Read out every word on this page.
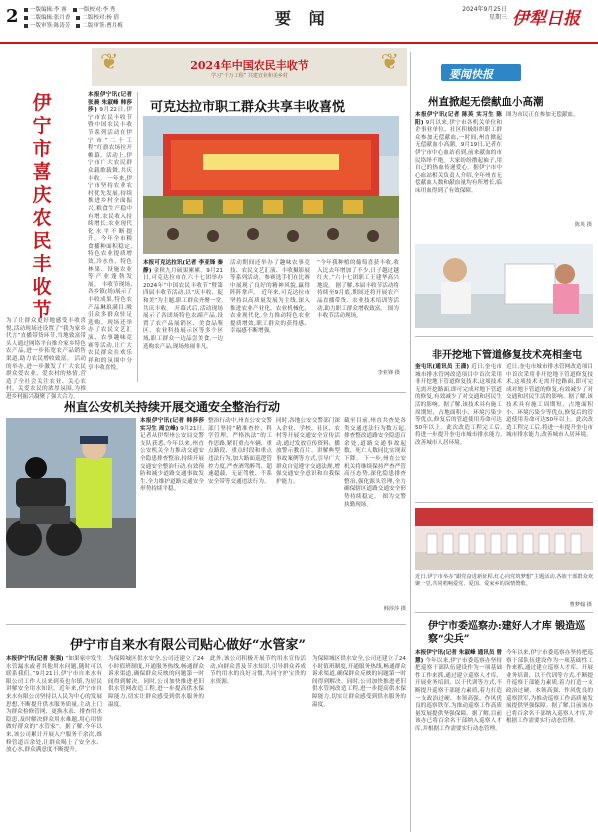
2	一版编辑:李 睿	一版校对:李 秀
二版编辑:张月香	二版校对:杨 倩
一版审签:陈涛芳	二版审签:曹月梅	要 闻	2024年9月25日
星期三 伊犁日报
伊宁市喜庆农民丰收节
本报伊宁讯(记者 张晨 朱淑峰 韩莎莎) 9月22日,伊宁市农民丰收节暨中国农民丰收节系列活动在伊宁市“二十工程”红旗农场拉开帷幕。活动上,伊宁市广大农民群众载歌载舞,共庆丰收。 一年来,伊宁市坚持农业农村优先发展,持续推进乡村全面振兴,粮食生产稳中有增,农民收入持续增长,农业现代化水平不断提升。今年全市粮食播种面积稳定,特色农业提质增效,冷水鱼、特色林果、设施农业等产业蓬勃发展。 丰收节现场,各乡镇(场)展示了丰收成果,特色农产品琳琅满目,吸引众多群众驻足选购。现场还举办了农民文艺汇演、农事趣味竞赛等活动,让广大农民群众在欢乐祥和的氛围中分享丰收喜悦。
为了让群众更好地感受丰收喜悦,活动现场还设置了“我为家乡代言”直播带货环节,当地致富带头人通过网络平台推介家乡特色农产品,进一步拓宽农产品销售渠道,助力农民增收致富。 活动的举办,进一步激发了广大农民群众爱农业、爱农村的热情,营造了全社会关注农业、关心农村、关爱农民的浓厚氛围,为推进乡村振兴凝聚了强大合力。
❦	❦
2024年中国农民丰收节
学习“千万工程” 共建宜业和美乡村
可克达拉市职工群众共享丰收喜悦
本报可克达拉讯(记者 李亚锋 秦静) 金秋九月硕果累累。9月21日,可克达拉市在六十七团举办2024年“中国农民丰收节”暨第四届丰收节活动,以“庆丰收、促和美”为主题,职工群众齐聚一堂,共庆丰收。 开幕式后,活动现场展示了各团场特色农副产品,设置了农产品展销区、美食品鉴区、农业科技展示区等多个区域,职工群众一边品尝美食,一边选购农产品,现场热闹非凡。
活动期间还举办了趣味农事竞技、农民文艺汇演、丰收摄影展等系列活动。参赛选手们在比赛中展现了良好的精神风貌,赢得阵阵掌声。 近年来,可克达拉市坚持以高质量发展为主线,深入推进农业产业化、农业机械化、农业现代化,全力推动特色农业提质增效,职工群众的获得感、幸福感不断增强。
“今年我种植的葡萄喜获丰收,收入比去年增加了不少,日子越过越红火。”六十七团职工王建华高兴地说。 据了解,本届丰收节活动将持续至9月底,期间还将开展农产品直播带货、农业技术培训等活动,助力职工群众增收致富。 图为丰收节活动现场。
李亚锋 摄
州直公安机关持续开展交通安全整治行动
本报伊宁讯(记者 韩莎莎 实习生 周立峰) 9月21日,记者从伊犁州公安局交警支队获悉,今年以来,州直公安机关全力推动交通安全隐患排查整治,持续开展交通安全整治行动,有效预防和减少道路交通事故发生,全力维护道路交通安全形势持续平稳。
整治行动中,州直公安交警部门坚持“精准查控、科学管理、严格执法”的工作思路,紧盯重点车辆、重点路段、重点时段和重点违法行为,加大路面巡逻管控力度,严查酒驾醉驾、超速超载、无证驾驶、不系安全带等交通违法行为。
同时,各地公安交警部门深入企业、学校、社区、农村等开展交通安全宣传活动,通过发放宣传资料、播放警示教育片、讲解典型事故案例等方式,引导广大群众自觉遵守交通法规,增强交通安全意识和自我保护能力。
截至目前,州直共查处各类交通违法行为数万起,排查整改道路安全隐患百余处,道路交通事故起数、死亡人数同比实现双下降。 下一步,州直公安机关将继续保持严查严管高压态势,深化隐患排查整治,强化源头管理,全力确保辖区道路交通安全形势持续稳定。 图为交警执勤现场。
韩莎莎 摄
伊宁市自来水有限公司贴心做好“水管家”
本报伊宁讯(记者 张强) “如果家中发生水管漏水或者其他用水问题,随时可以联系我们。”9月21日,伊宁市自来水有限公司工作人员来到英也尔镇,为居民讲解安全用水知识。近年来,伊宁市自来水有限公司坚持以人民为中心的发展思想,不断提升供水服务质量,主动上门为群众检修管网、更换水表、排查用水隐患,及时解决群众用水难题,用心用情做好群众的“水管家”。据了解,今年以来,该公司累计开展入户服务千余次,维修管道百余处,让群众喝上了安全水、放心水,群众满意度不断提升。
为保障城区供水安全,公司还建立了24小时值班制度,开通服务热线,畅通群众诉求渠道,确保群众反映的问题第一时间得到解决。同时,公司加快推进老旧供水管网改造工程,进一步提高供水保障能力,切实让群众感受到供水服务的温度。
此外,该公司积极开展节约用水宣传活动,向群众普及节水知识,引导群众养成节约用水的良好习惯,共同守护宝贵的水资源。
为保障城区供水安全,公司还建立了24小时值班制度,开通服务热线,畅通群众诉求渠道,确保群众反映的问题第一时间得到解决。同时,公司加快推进老旧供水管网改造工程,进一步提高供水保障能力,切实让群众感受到供水服务的温度。
要闻快报
州直掀起无偿献血小高潮
本报伊宁讯(记者 陈英 实习生 陈阳) 9月以来,伊宁市各机关单位和企事业单位、社区积极组织职工群众参加无偿献血,一时间,州直掀起无偿献血小高潮。9月19日,记者在伊宁市中心血站看到,前来献血的市民络绎不绝。大家纷纷撸起袖子,用自己的热血传递爱心。据伊宁市中心血站相关负责人介绍,全年州直无偿献血人数和献血量均有所增长,临床用血得到了有效保障。
图为市民正在参加无偿献血。
陈英 摄
非开挖地下管道修复技术亮相奎屯
奎屯讯(通讯员 王潇) 近日,奎屯市城市排水管网改造项目中首次采用非开挖地下管道修复技术,这项技术无需开挖路面,即可完成对地下管道的修复,有效减少了对交通和居民生活的影响。据了解,该技术具有施工周期短、占地面积小、环境污染少等优点,修复后的管道使用寿命可达50年以上。此次改造工程完工后,将进一步提升奎屯市城市排水能力,改善城市人居环境。
近日,奎屯市城市排水管网改造项目中首次采用非开挖地下管道修复技术,这项技术无需开挖路面,即可完成对地下管道的修复,有效减少了对交通和居民生活的影响。据了解,该技术具有施工周期短、占地面积小、环境污染少等优点,修复后的管道使用寿命可达50年以上。此次改造工程完工后,将进一步提升奎屯市城市排水能力,改善城市人居环境。
近日,伊宁市举办“跟党奋进新征程,红心向党筑梦想”主题活动,各族干部群众欢聚一堂,共同唱响爱党、爱国、爱家乡的深情赞歌。
曹梦翰 摄
伊宁市委巡察办:建好人才库 锻造巡察“尖兵”
本报伊宁讯(记者 朱淑峰 通讯员 曾慧) 今年以来,伊宁市委巡察办坚持把巡察干部队伍建设作为一项基础性工作来抓,通过建立巡察人才库、开展业务培训、以干代训等方式,不断提升巡察干部能力素质,着力打造一支政治过硬、本领高强、作风优良的巡察铁军,为推动巡察工作高质量发展提供坚强保障。据了解,目前该办已将百余名干部纳入巡察人才库,并根据工作需要实行动态管理。
今年以来,伊宁市委巡察办坚持把巡察干部队伍建设作为一项基础性工作来抓,通过建立巡察人才库、开展业务培训、以干代训等方式,不断提升巡察干部能力素质,着力打造一支政治过硬、本领高强、作风优良的巡察铁军,为推动巡察工作高质量发展提供坚强保障。据了解,目前该办已将百余名干部纳入巡察人才库,并根据工作需要实行动态管理。
